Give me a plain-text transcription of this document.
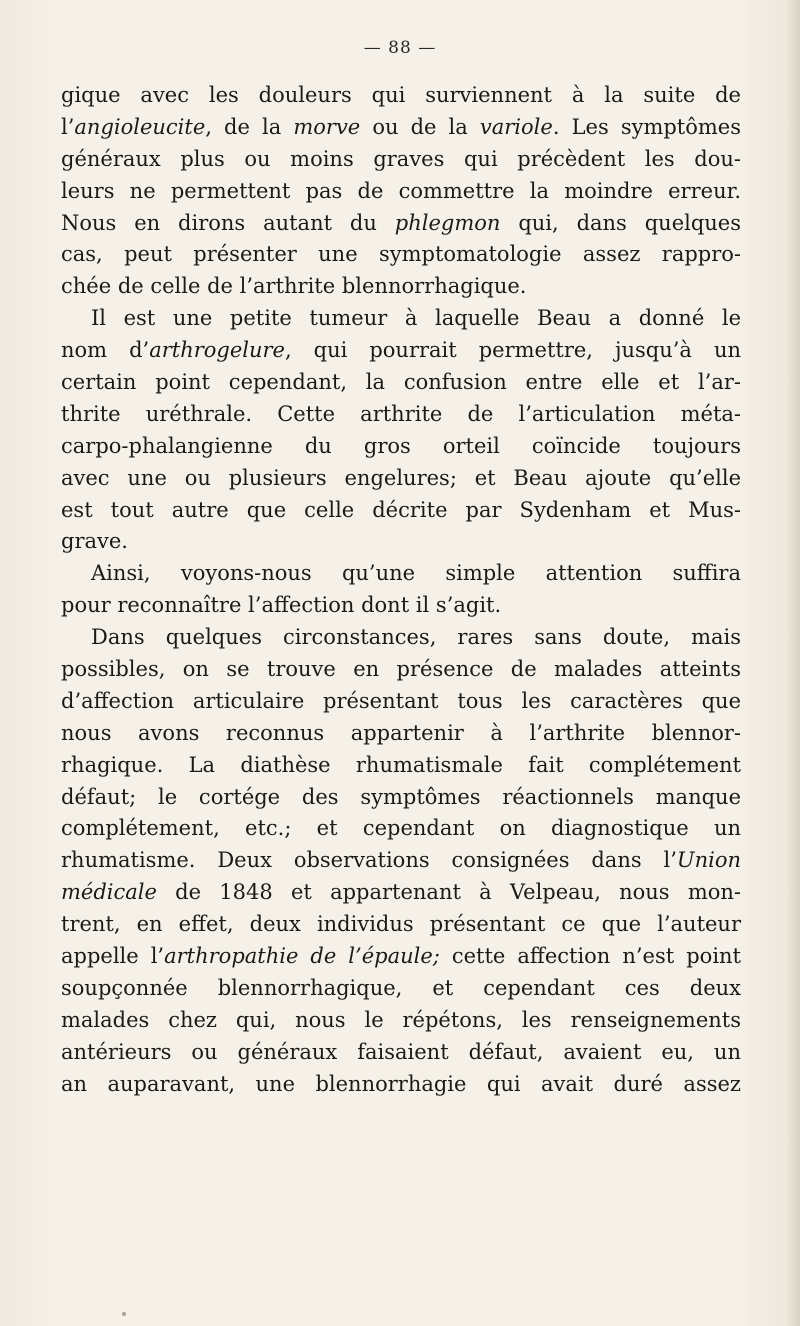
— 88 —
gique avec les douleurs qui surviennent à la suite de
l’angioleucite, de la morve ou de la variole. Les symptômes
généraux plus ou moins graves qui précèdent les dou-
leurs ne permettent pas de commettre la moindre erreur.
Nous en dirons autant du phlegmon qui, dans quelques
cas, peut présenter une symptomatologie assez rappro-
chée de celle de l’arthrite blennorrhagique.
Il est une petite tumeur à laquelle Beau a donné le
nom d’arthrogelure, qui pourrait permettre, jusqu’à un
certain point cependant, la confusion entre elle et l’ar-
thrite uréthrale. Cette arthrite de l’articulation méta-
carpo-phalangienne du gros orteil coïncide toujours
avec une ou plusieurs engelures; et Beau ajoute qu’elle
est tout autre que celle décrite par Sydenham et Mus-
grave.
Ainsi, voyons-nous qu’une simple attention suffira
pour reconnaître l’affection dont il s’agit.
Dans quelques circonstances, rares sans doute, mais
possibles, on se trouve en présence de malades atteints
d’affection articulaire présentant tous les caractères que
nous avons reconnus appartenir à l’arthrite blennor-
rhagique. La diathèse rhumatismale fait complétement
défaut; le cortége des symptômes réactionnels manque
complétement, etc.; et cependant on diagnostique un
rhumatisme. Deux observations consignées dans l’Union
médicale de 1848 et appartenant à Velpeau, nous mon-
trent, en effet, deux individus présentant ce que l’auteur
appelle l’arthropathie de l’épaule; cette affection n’est point
soupçonnée blennorrhagique, et cependant ces deux
malades chez qui, nous le répétons, les renseignements
antérieurs ou généraux faisaient défaut, avaient eu, un
an auparavant, une blennorrhagie qui avait duré assez
